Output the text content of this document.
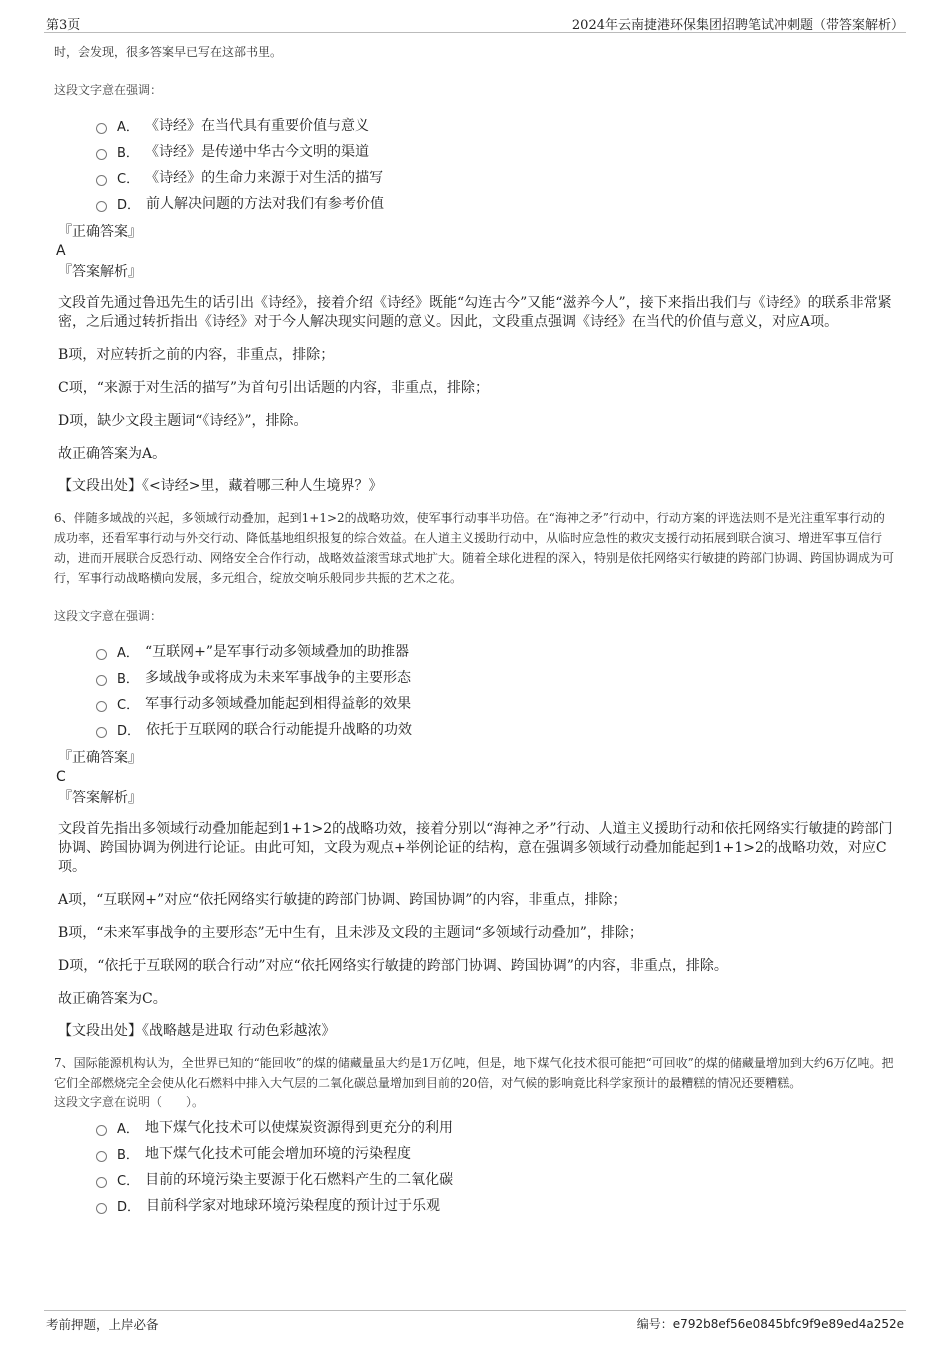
第3页	2024年云南捷港环保集团招聘笔试冲刺题（带答案解析）
时，会发现，很多答案早已写在这部书里。
这段文字意在强调：
A． 《诗经》在当代具有重要价值与意义
B． 《诗经》是传递中华古今文明的渠道
C． 《诗经》的生命力来源于对生活的描写
D． 前人解决问题的方法对我们有参考价值
『正确答案』
A
『答案解析』
文段首先通过鲁迅先生的话引出《诗经》，接着介绍《诗经》既能“勾连古今”又能“滋养今人”，接下来指出我们与《诗经》的联系非常紧密，之后通过转折指出《诗经》对于今人解决现实问题的意义。因此，文段重点强调《诗经》在当代的价值与意义，对应A项。
B项，对应转折之前的内容，非重点，排除；
C项，“来源于对生活的描写”为首句引出话题的内容，非重点，排除；
D项，缺少文段主题词“《诗经》”，排除。
故正确答案为A。
【文段出处】《<诗经>里，藏着哪三种人生境界？》
6、伴随多域战的兴起，多领域行动叠加，起到1+1>2的战略功效，使军事行动事半功倍。在“海神之矛”行动中，行动方案的评选法则不是光注重军事行动的成功率，还看军事行动与外交行动、降低基地组织报复的综合效益。在人道主义援助行动中，从临时应急性的救灾支援行动拓展到联合演习、增进军事互信行动，进而开展联合反恐行动、网络安全合作行动，战略效益滚雪球式地扩大。随着全球化进程的深入，特别是依托网络实行敏捷的跨部门协调、跨国协调成为可行，军事行动战略横向发展，多元组合，绽放交响乐般同步共振的艺术之花。
这段文字意在强调：
A． “互联网+”是军事行动多领域叠加的助推器
B． 多域战争或将成为未来军事战争的主要形态
C． 军事行动多领域叠加能起到相得益彰的效果
D． 依托于互联网的联合行动能提升战略的功效
『正确答案』
C
『答案解析』
文段首先指出多领域行动叠加能起到1+1>2的战略功效，接着分别以“海神之矛”行动、人道主义援助行动和依托网络实行敏捷的跨部门协调、跨国协调为例进行论证。由此可知，文段为观点+举例论证的结构，意在强调多领域行动叠加能起到1+1>2的战略功效，对应C项。
A项，“互联网+”对应“依托网络实行敏捷的跨部门协调、跨国协调”的内容，非重点，排除；
B项，“未来军事战争的主要形态”无中生有，且未涉及文段的主题词“多领域行动叠加”，排除；
D项，“依托于互联网的联合行动”对应“依托网络实行敏捷的跨部门协调、跨国协调”的内容，非重点，排除。
故正确答案为C。
【文段出处】《战略越是进取 行动色彩越浓》
7、国际能源机构认为，全世界已知的“能回收”的煤的储藏量虽大约是1万亿吨，但是，地下煤气化技术很可能把“可回收”的煤的储藏量增加到大约6万亿吨。把它们全部燃烧完全会使从化石燃料中排入大气层的二氧化碳总量增加到目前的20倍，对气候的影响竟比科学家预计的最糟糕的情况还要糟糕。
这段文字意在说明（　　）。
A． 地下煤气化技术可以使煤炭资源得到更充分的利用
B． 地下煤气化技术可能会增加环境的污染程度
C． 目前的环境污染主要源于化石燃料产生的二氧化碳
D． 目前科学家对地球环境污染程度的预计过于乐观
考前押题，上岸必备	编号：e792b8ef56e0845bfc9f9e89ed4a252e
